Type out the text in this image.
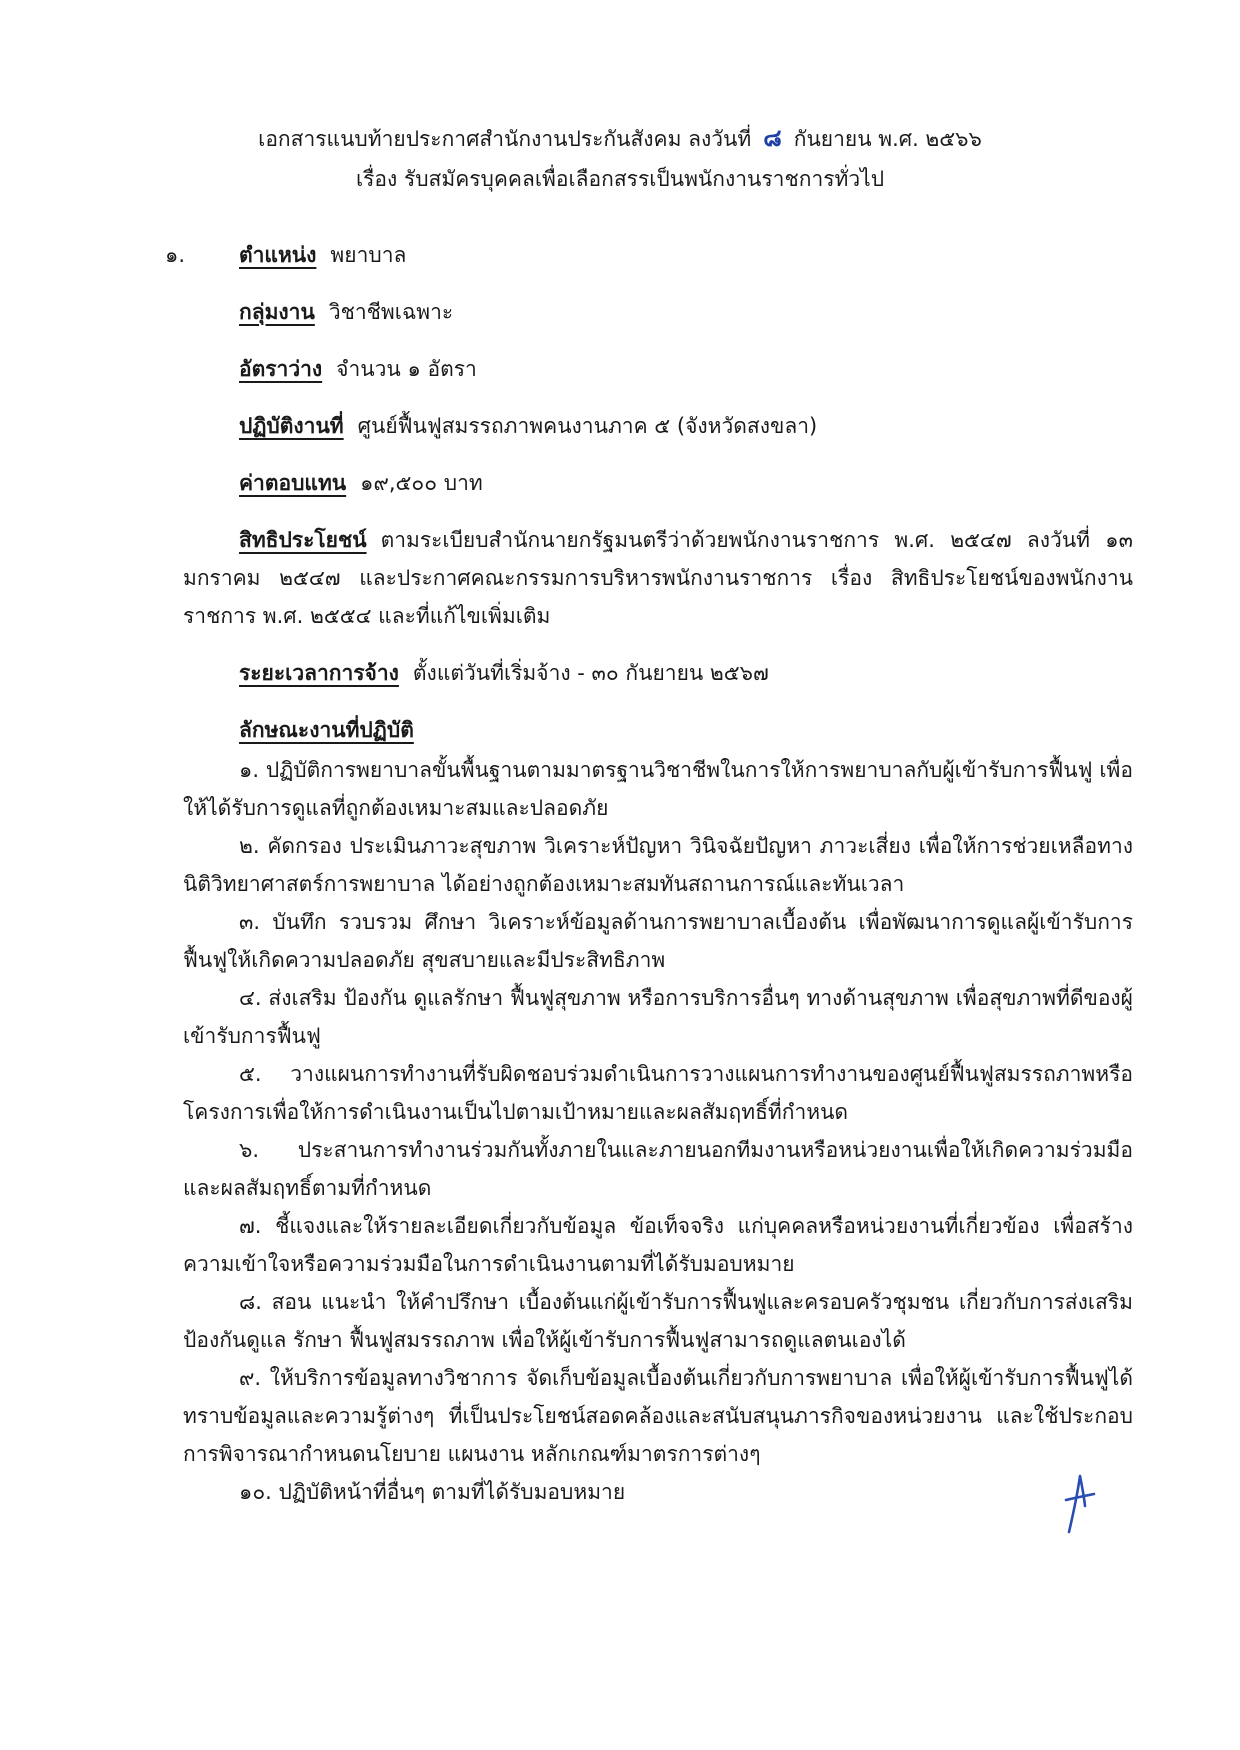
เอกสารแนบท้ายประกาศสำนักงานประกันสังคม ลงวันที่ ๘ กันยายน พ.ศ. ๒๕๖๖
เรื่อง รับสมัครบุคคลเพื่อเลือกสรรเป็นพนักงานราชการทั่วไป
๑.	ตำแหน่ง พยาบาล
กลุ่มงาน วิชาชีพเฉพาะ
อัตราว่าง จำนวน ๑ อัตรา
ปฏิบัติงานที่ ศูนย์ฟื้นฟูสมรรถภาพคนงานภาค ๕ (จังหวัดสงขลา)
ค่าตอบแทน ๑๙,๕๐๐ บาท
สิทธิประโยชน์ ตามระเบียบสำนักนายกรัฐมนตรีว่าด้วยพนักงานราชการ พ.ศ. ๒๕๔๗ ลงวันที่ ๑๓ มกราคม ๒๕๔๗ และประกาศคณะกรรมการบริหารพนักงานราชการ เรื่อง สิทธิประโยชน์ของพนักงานราชการ พ.ศ. ๒๕๕๔ และที่แก้ไขเพิ่มเติม
ระยะเวลาการจ้าง ตั้งแต่วันที่เริ่มจ้าง - ๓๐ กันยายน ๒๕๖๗
ลักษณะงานที่ปฏิบัติ

๑. ปฏิบัติการพยาบาลขั้นพื้นฐานตามมาตรฐานวิชาชีพในการให้การพยาบาลกับผู้เข้ารับการฟื้นฟู เพื่อให้ได้รับการดูแลที่ถูกต้องเหมาะสมและปลอดภัย

๒. คัดกรอง ประเมินภาวะสุขภาพ วิเคราะห์ปัญหา วินิจฉัยปัญหา ภาวะเสี่ยง เพื่อให้การช่วยเหลือทางนิติวิทยาศาสตร์การพยาบาล ได้อย่างถูกต้องเหมาะสมทันสถานการณ์และทันเวลา

๓. บันทึก รวบรวม ศึกษา วิเคราะห์ข้อมูลด้านการพยาบาลเบื้องต้น เพื่อพัฒนาการดูแลผู้เข้ารับการฟื้นฟูให้เกิดความปลอดภัย สุขสบายและมีประสิทธิภาพ

๔. ส่งเสริม ป้องกัน ดูแลรักษา ฟื้นฟูสุขภาพ หรือการบริการอื่นๆ ทางด้านสุขภาพ เพื่อสุขภาพที่ดีของผู้เข้ารับการฟื้นฟู

๕. วางแผนการทำงานที่รับผิดชอบร่วมดำเนินการวางแผนการทำงานของศูนย์ฟื้นฟูสมรรถภาพหรือโครงการเพื่อให้การดำเนินงานเป็นไปตามเป้าหมายและผลสัมฤทธิ์ที่กำหนด

๖. ประสานการทำงานร่วมกันทั้งภายในและภายนอกทีมงานหรือหน่วยงานเพื่อให้เกิดความร่วมมือและผลสัมฤทธิ์ตามที่กำหนด

๗. ชี้แจงและให้รายละเอียดเกี่ยวกับข้อมูล ข้อเท็จจริง แก่บุคคลหรือหน่วยงานที่เกี่ยวข้อง เพื่อสร้างความเข้าใจหรือความร่วมมือในการดำเนินงานตามที่ได้รับมอบหมาย

๘. สอน แนะนำ ให้คำปรึกษา เบื้องต้นแก่ผู้เข้ารับการฟื้นฟูและครอบครัวชุมชน เกี่ยวกับการส่งเสริมป้องกันดูแล รักษา ฟื้นฟูสมรรถภาพ เพื่อให้ผู้เข้ารับการฟื้นฟูสามารถดูแลตนเองได้

๙. ให้บริการข้อมูลทางวิชาการ จัดเก็บข้อมูลเบื้องต้นเกี่ยวกับการพยาบาล เพื่อให้ผู้เข้ารับการฟื้นฟูได้ทราบข้อมูลและความรู้ต่างๆ ที่เป็นประโยชน์สอดคล้องและสนับสนุนภารกิจของหน่วยงาน และใช้ประกอบการพิจารณากำหนดนโยบาย แผนงาน หลักเกณฑ์มาตรการต่างๆ

๑๐. ปฏิบัติหน้าที่อื่นๆ ตามที่ได้รับมอบหมาย
